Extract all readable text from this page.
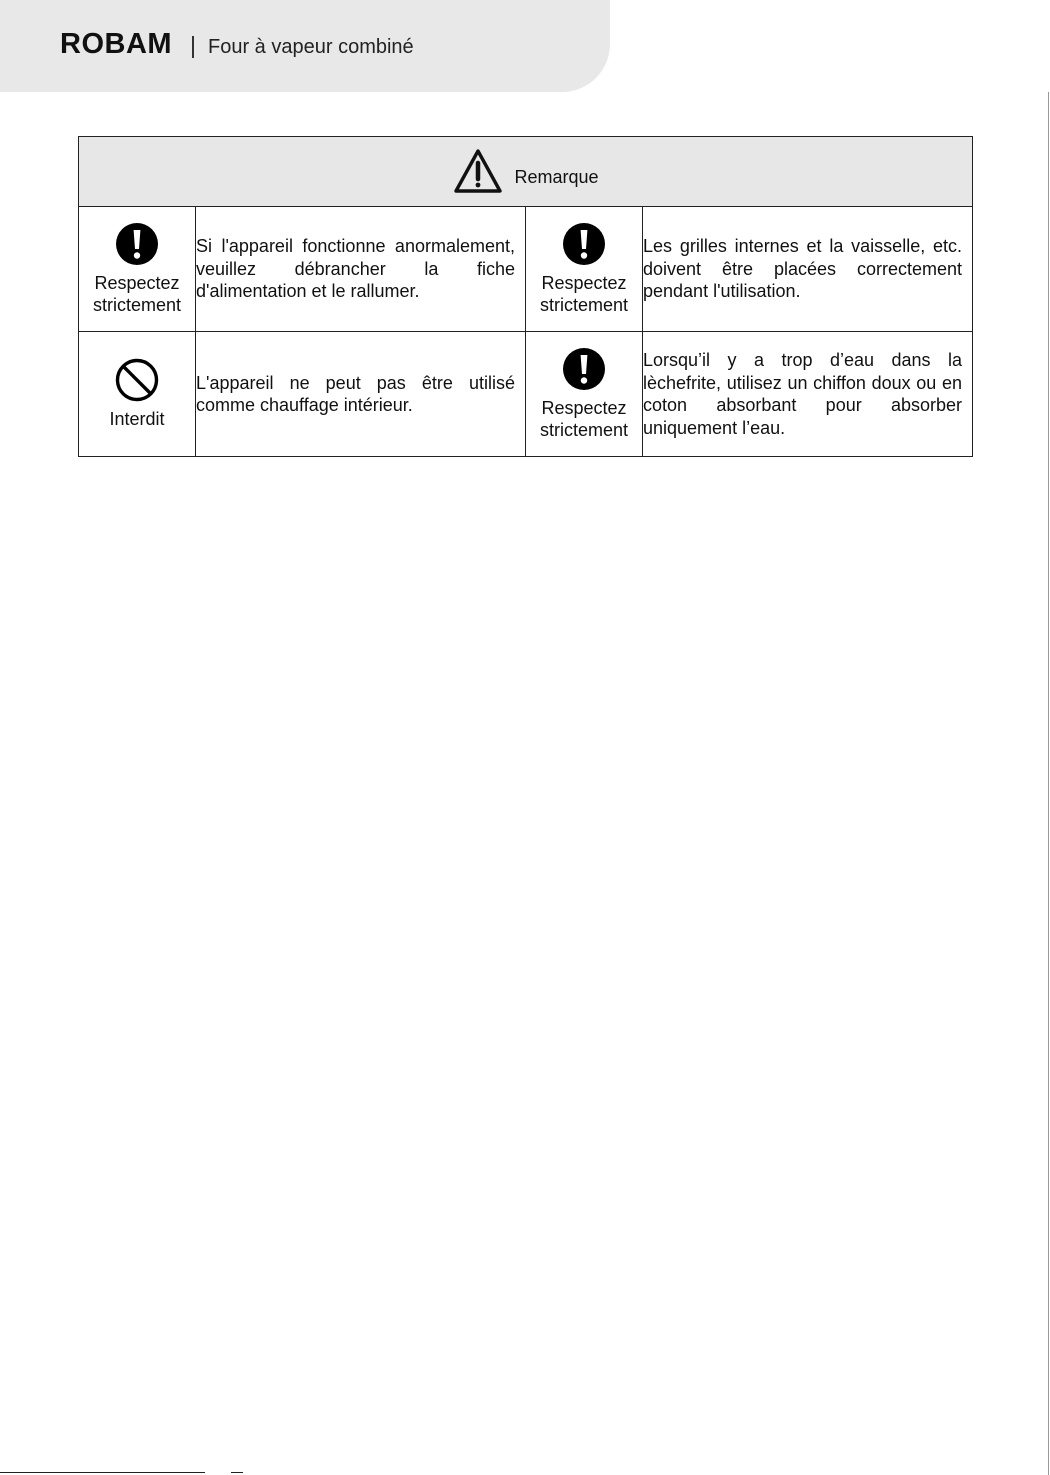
ROBAM Four à vapeur combiné
Remarque			

Respectez strictement	Si l'appareil fonctionne anormalement, veuillez débrancher la fiche d'alimentation et le rallumer.	Respectez strictement	Les grilles internes et la vaisselle, etc. doivent être placées correctement pendant l'utilisation.

Interdit	L'appareil ne peut pas être utilisé comme chauffage intérieur.	Respectez strictement	Lorsqu’il y a trop d’eau dans la lèchefrite, utilisez un chiffon doux ou en coton absorbant pour absorber uniquement l’eau.
